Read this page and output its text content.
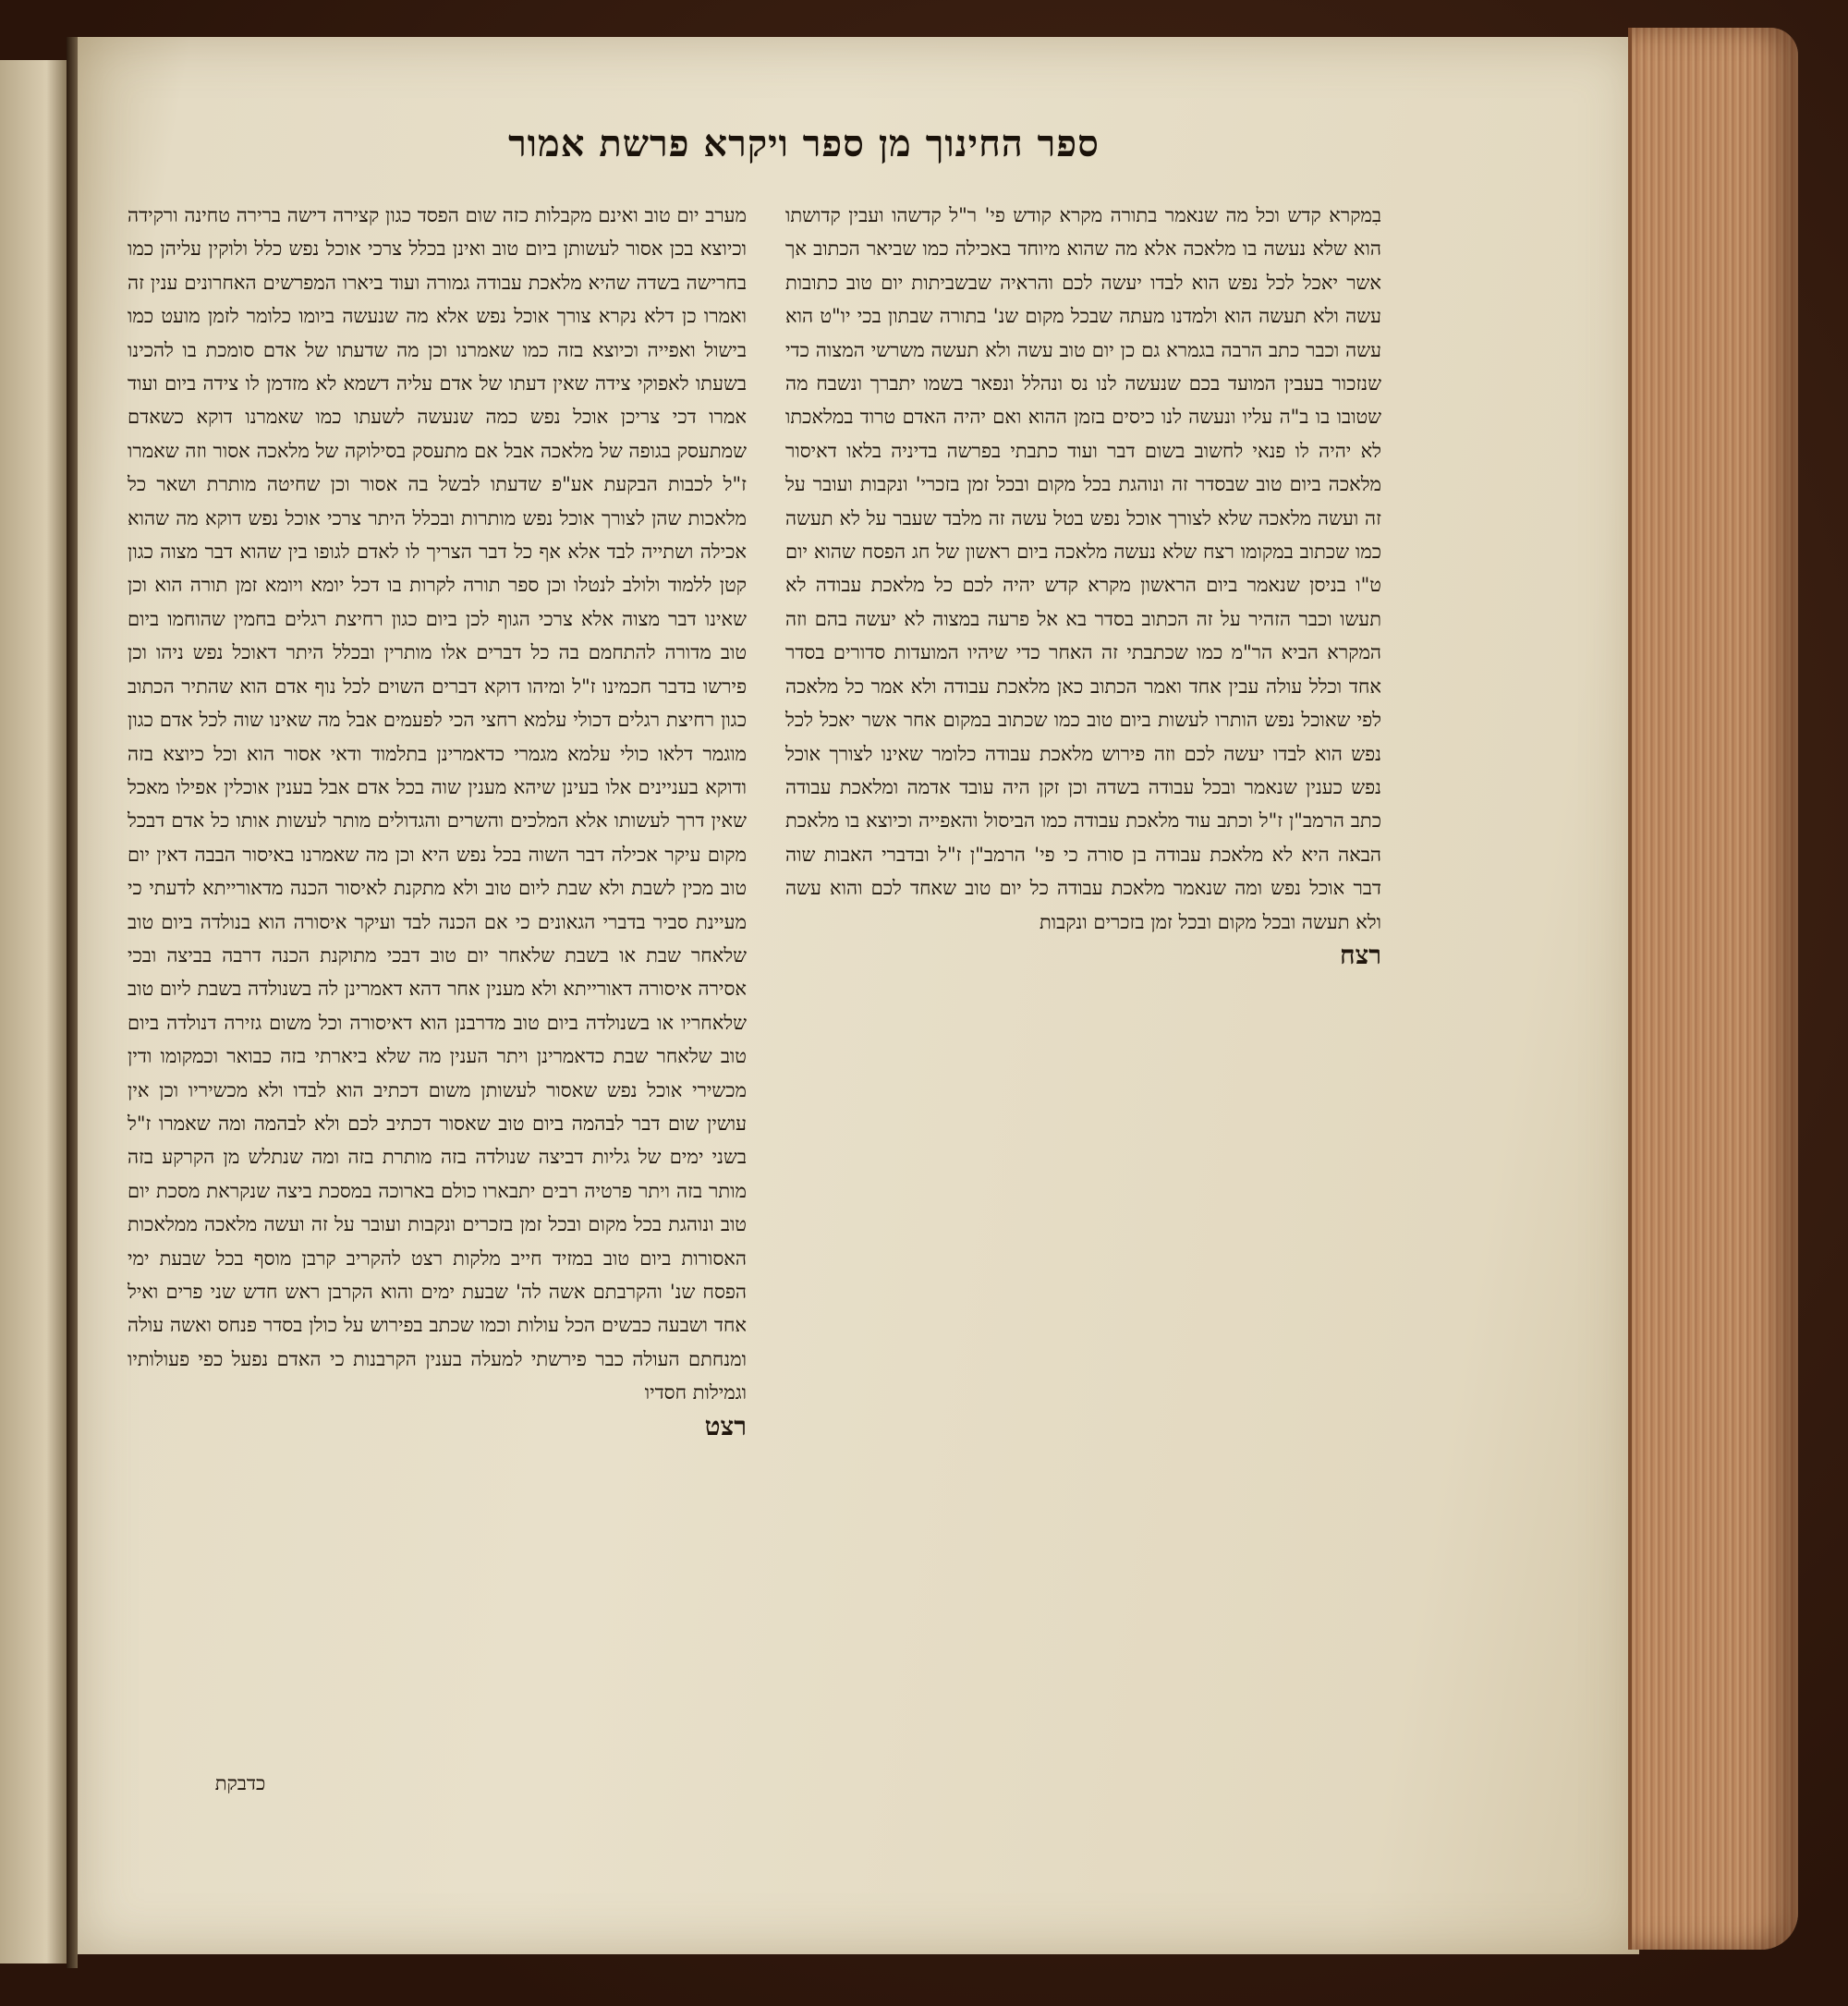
ספר החינוך מן ספר ויקרא פרשת אמור

בִמקרא קדש וכל מה שנאמר בתורה מקרא קודש פי' ר"ל קדשהו ועבין קדושתו הוא שלא נעשה בו מלאכה אלא מה שהוא מיוחד באכילה כמו שביאר הכתוב אך אשר יאכל לכל נפש הוא לבדו יעשה לכם והראיה שבשביתות יום טוב כתובות עשה ולא תעשה הוא ולמדנו מעתה שבכל מקום שנ' בתורה שבתון בכי יו"ט הוא עשה וכבר כתב הרבה בגמרא גם כן יום טוב עשה ולא תעשה משרשי המצוה כדי שנזכור בעבין המועד בכם שנעשה לנו נס ונהלל ונפאר בשמו יתברך ונשבח מה שטובו בו ב"ה עליו ונעשה לנו כיסים בזמן ההוא ואם יהיה האדם טרוד במלאכתו לא יהיה לו פנאי לחשוב בשום דבר ועוד כתבתי בפרשה בדיניה בלאו דאיסור מלאכה ביום טוב שבסדר זה ונוהגת בכל מקום ובכל זמן בזכרי' ונקבות ועובר על זה ועשה מלאכה שלא לצורך אוכל נפש בטל עשה זה מלבד שעבר על לא תעשה כמו שכתוב במקומו רצח שלא נעשה מלאכה ביום ראשון של חג הפסח שהוא יום ט"ו בניסן שנאמר ביום הראשון מקרא קדש יהיה לכם כל מלאכת עבודה לא תעשו וכבר הזהיר על זה הכתוב בסדר בא אל פרעה במצוה לא יעשה בהם וזה המקרא הביא הר"מ כמו שכתבתי זה האחר כדי שיהיו המועדות סדורים בסדר אחד וכלל עולה עבין אחד ואמר הכתוב כאן מלאכת עבודה ולא אמר כל מלאכה לפי שאוכל נפש הותרו לעשות ביום טוב כמו שכתוב במקום אחר אשר יאכל לכל נפש הוא לבדו יעשה לכם וזה פירוש מלאכת עבודה כלומר שאינו לצורך אוכל נפש כענין שנאמר ובכל עבודה בשדה וכן זקן היה עובד אדמה ומלאכת עבודה כתב הרמב"ן ז"ל וכתב עוד מלאכת עבודה כמו הביסול והאפייה וכיוצא בו מלאכת הבאה היא לא מלאכת עבודה בן סורה כי פי' הרמב"ן ז"ל ובדברי האבות שוה דבר אוכל נפש ומה שנאמר מלאכת עבודה כל יום טוב שאחד לכם והוא עשה ולא תעשה ובכל מקום ובכל זמן בזכרים ונקבות

רצח

מערב יום טוב ואינם מקבלות כזה שום הפסד כגון קצירה דישה ברירה טחינה ורקידה וכיוצא בכן אסור לעשותן ביום טוב ואינן בכלל צרכי אוכל נפש כלל ולוקין עליהן כמו בחרישה בשדה שהיא מלאכת עבודה גמורה ועוד ביארו המפרשים האחרונים ענין זה ואמרו כן דלא נקרא צורך אוכל נפש אלא מה שנעשה ביומו כלומר לזמן מועט כמו בישול ואפייה וכיוצא בזה כמו שאמרנו וכן מה שדעתו של אדם סומכת בו להכינו בשעתו לאפוקי צידה שאין דעתו של אדם עליה דשמא לא מזדמן לו צידה ביום ועוד אמרו דכי צריכן אוכל נפש כמה שנעשה לשעתו כמו שאמרנו דוקא כשאדם שמתעסק בגופה של מלאכה אבל אם מתעסק בסילוקה של מלאכה אסור וזה שאמרו ז"ל לכבות הבקעת אע"פ שדעתו לבשל בה אסור וכן שחיטה מותרת ושאר כל מלאכות שהן לצורך אוכל נפש מותרות ובכלל היתר צרכי אוכל נפש דוקא מה שהוא אכילה ושתייה לבד אלא אף כל דבר הצריך לו לאדם לגופו בין שהוא דבר מצוה כגון קטן ללמוד ולולב לנטלו וכן ספר תורה לקרות בו דכל יומא ויומא זמן תורה הוא וכן שאינו דבר מצוה אלא צרכי הגוף לכן ביום כגון רחיצת רגלים בחמין שהוחמו ביום טוב מדורה להתחמם בה כל דברים אלו מותרין ובכלל היתר דאוכל נפש ניהו וכן פירשו בדבר חכמינו ז"ל ומיהו דוקא דברים השוים לכל נוף אדם הוא שהתיר הכתוב כגון רחיצת רגלים דכולי עלמא רחצי הכי לפעמים אבל מה שאינו שוה לכל אדם כגון מוגמר דלאו כולי עלמא מגמרי כדאמרינן בתלמוד ודאי אסור הוא וכל כיוצא בזה ודוקא בעניינים אלו בעינן שיהא מענין שוה בכל אדם אבל בענין אוכלין אפילו מאכל שאין דרך לעשותו אלא המלכים והשרים והגדולים מותר לעשות אותו כל אדם דבכל מקום עיקר אכילה דבר השוה בכל נפש היא וכן מה שאמרנו באיסור הבבה דאין יום טוב מכין לשבת ולא שבת ליום טוב ולא מתקנת לאיסור הכנה מדאורייתא לדעתי כי מעיינת סביר בדברי הגאונים כי אם הכנה לבד ועיקר איסורה הוא בנולדה ביום טוב שלאחר שבת או בשבת שלאחר יום טוב דבכי מתוקנת הכנה דרבה בביצה ובכי אסירה איסורה דאורייתא ולא מענין אחר דהא דאמרינן לה בשנולדה בשבת ליום טוב שלאחריו או בשנולדה ביום טוב מדרבנן הוא דאיסורה וכל משום גזירה דנולדה ביום טוב שלאחר שבת כדאמרינן ויתר הענין מה שלא ביארתי בזה כבואר וכמקומו ודין מכשירי אוכל נפש שאסור לעשותן משום דכתיב הוא לבדו ולא מכשיריו וכן אין עושין שום דבר לבהמה ביום טוב שאסור דכתיב לכם ולא לבהמה ומה שאמרו ז"ל בשני ימים של גליות דביצה שנולדה בזה מותרת בזה ומה שנתלש מן הקרקע בזה מותר בזה ויתר פרטיה רבים יתבארו כולם בארוכה במסכת ביצה שנקראת מסכת יום טוב ונוהגת בכל מקום ובכל זמן בזכרים ונקבות ועובר על זה ועשה מלאכה ממלאכות האסורות ביום טוב במזיד חייב מלקות רצט להקריב קרבן מוסף בכל שבעת ימי הפסח שנ' והקרבתם אשה לה' שבעת ימים והוא הקרבן ראש חדש שני פרים ואיל אחד ושבעה כבשים הכל עולות וכמו שכתב בפירוש על כולן בסדר פנחס ואשה עולה ומנחתם העולה כבר פירשתי למעלה בענין הקרבנות כי האדם נפעל כפי פעולותיו וגמילות חסדיו

רצט

כדבקת
